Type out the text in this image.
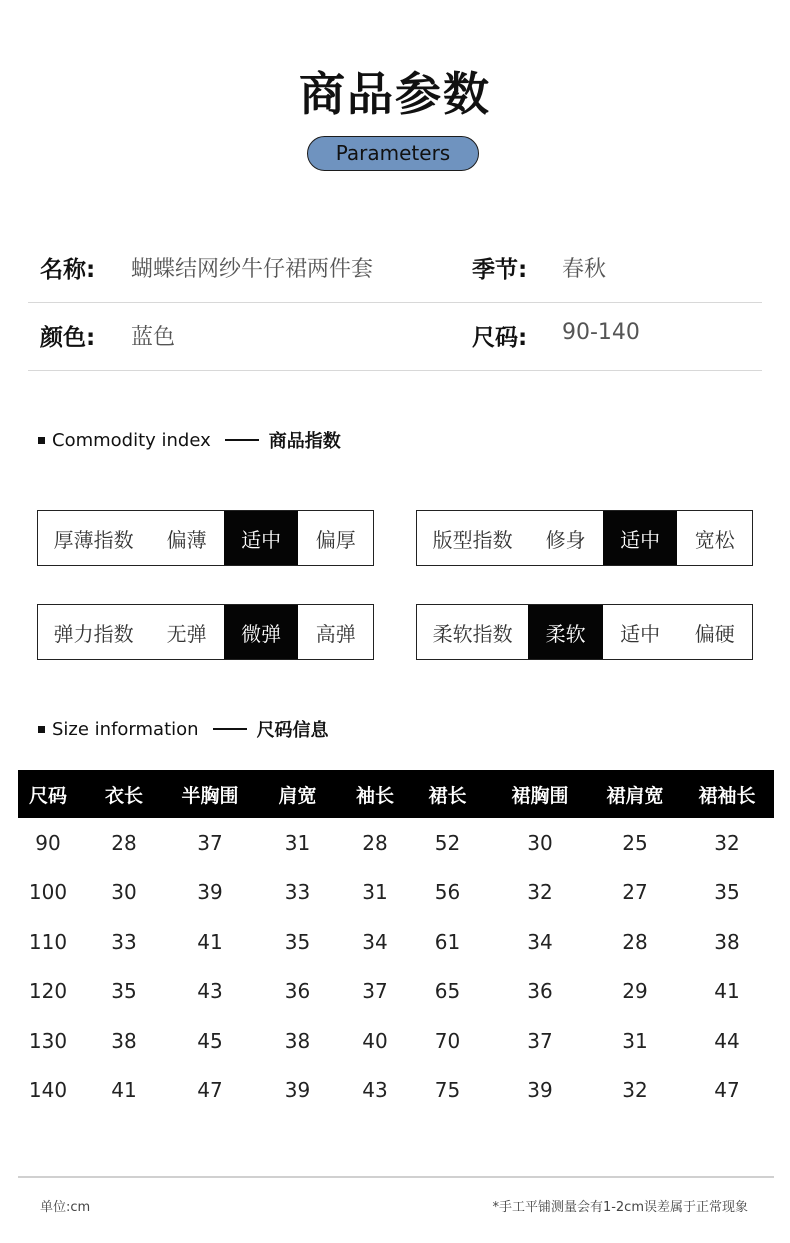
商品参数
Parameters
名称: 蝴蝶结网纱牛仔裙两件套	季节: 春秋
颜色: 蓝色	尺码: 90-140
Commodity index	商品指数
厚薄指数	偏薄	适中	偏厚	版型指数	修身	适中	宽松
弹力指数	无弹	微弹	高弹	柔软指数	柔软	适中	偏硬
Size information	尺码信息
尺码	衣长	半胸围	肩宽	袖长	裙长	裙胸围	裙肩宽	裙袖长
90	28	37	31	28	52	30	25	32
100	30	39	33	31	56	32	27	35
110	33	41	35	34	61	34	28	38
120	35	43	36	37	65	36	29	41
130	38	45	38	40	70	37	31	44
140	41	47	39	43	75	39	32	47
单位:cm	*手工平铺测量会有1-2cm误差属于正常现象
